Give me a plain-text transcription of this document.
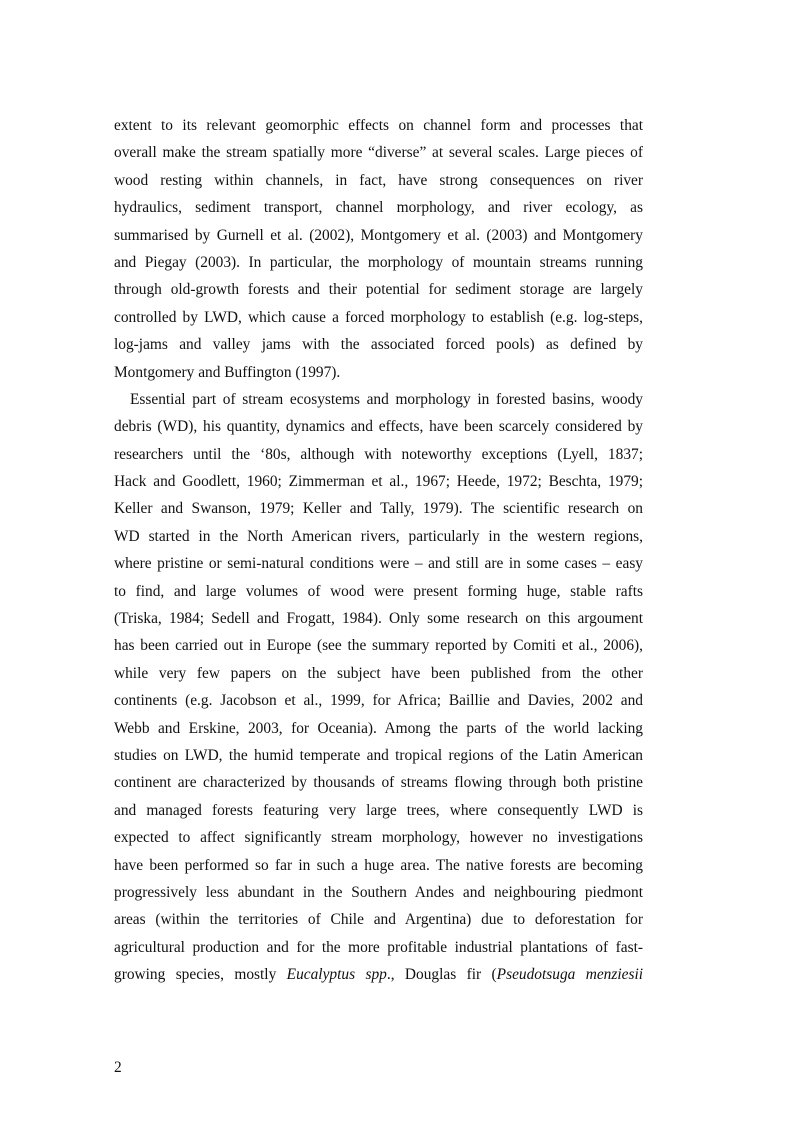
extent to its relevant geomorphic effects on channel form and processes that
overall make the stream spatially more “diverse” at several scales. Large pieces of
wood resting within channels, in fact, have strong consequences on river
hydraulics, sediment transport, channel morphology, and river ecology, as
summarised by Gurnell et al. (2002), Montgomery et al. (2003) and Montgomery
and Piegay (2003). In particular, the morphology of mountain streams running
through old-growth forests and their potential for sediment storage are largely
controlled by LWD, which cause a forced morphology to establish (e.g. log-steps,
log-jams and valley jams with the associated forced pools) as defined by
Montgomery and Buffington (1997).
Essential part of stream ecosystems and morphology in forested basins, woody
debris (WD), his quantity, dynamics and effects, have been scarcely considered by
researchers until the ‘80s, although with noteworthy exceptions (Lyell, 1837;
Hack and Goodlett, 1960; Zimmerman et al., 1967; Heede, 1972; Beschta, 1979;
Keller and Swanson, 1979; Keller and Tally, 1979). The scientific research on
WD started in the North American rivers, particularly in the western regions,
where pristine or semi-natural conditions were – and still are in some cases – easy
to find, and large volumes of wood were present forming huge, stable rafts
(Triska, 1984; Sedell and Frogatt, 1984). Only some research on this argoument
has been carried out in Europe (see the summary reported by Comiti et al., 2006),
while very few papers on the subject have been published from the other
continents (e.g. Jacobson et al., 1999, for Africa; Baillie and Davies, 2002 and
Webb and Erskine, 2003, for Oceania). Among the parts of the world lacking
studies on LWD, the humid temperate and tropical regions of the Latin American
continent are characterized by thousands of streams flowing through both pristine
and managed forests featuring very large trees, where consequently LWD is
expected to affect significantly stream morphology, however no investigations
have been performed so far in such a huge area. The native forests are becoming
progressively less abundant in the Southern Andes and neighbouring piedmont
areas (within the territories of Chile and Argentina) due to deforestation for
agricultural production and for the more profitable industrial plantations of fast-
growing species, mostly Eucalyptus spp., Douglas fir (Pseudotsuga menziesii
2
